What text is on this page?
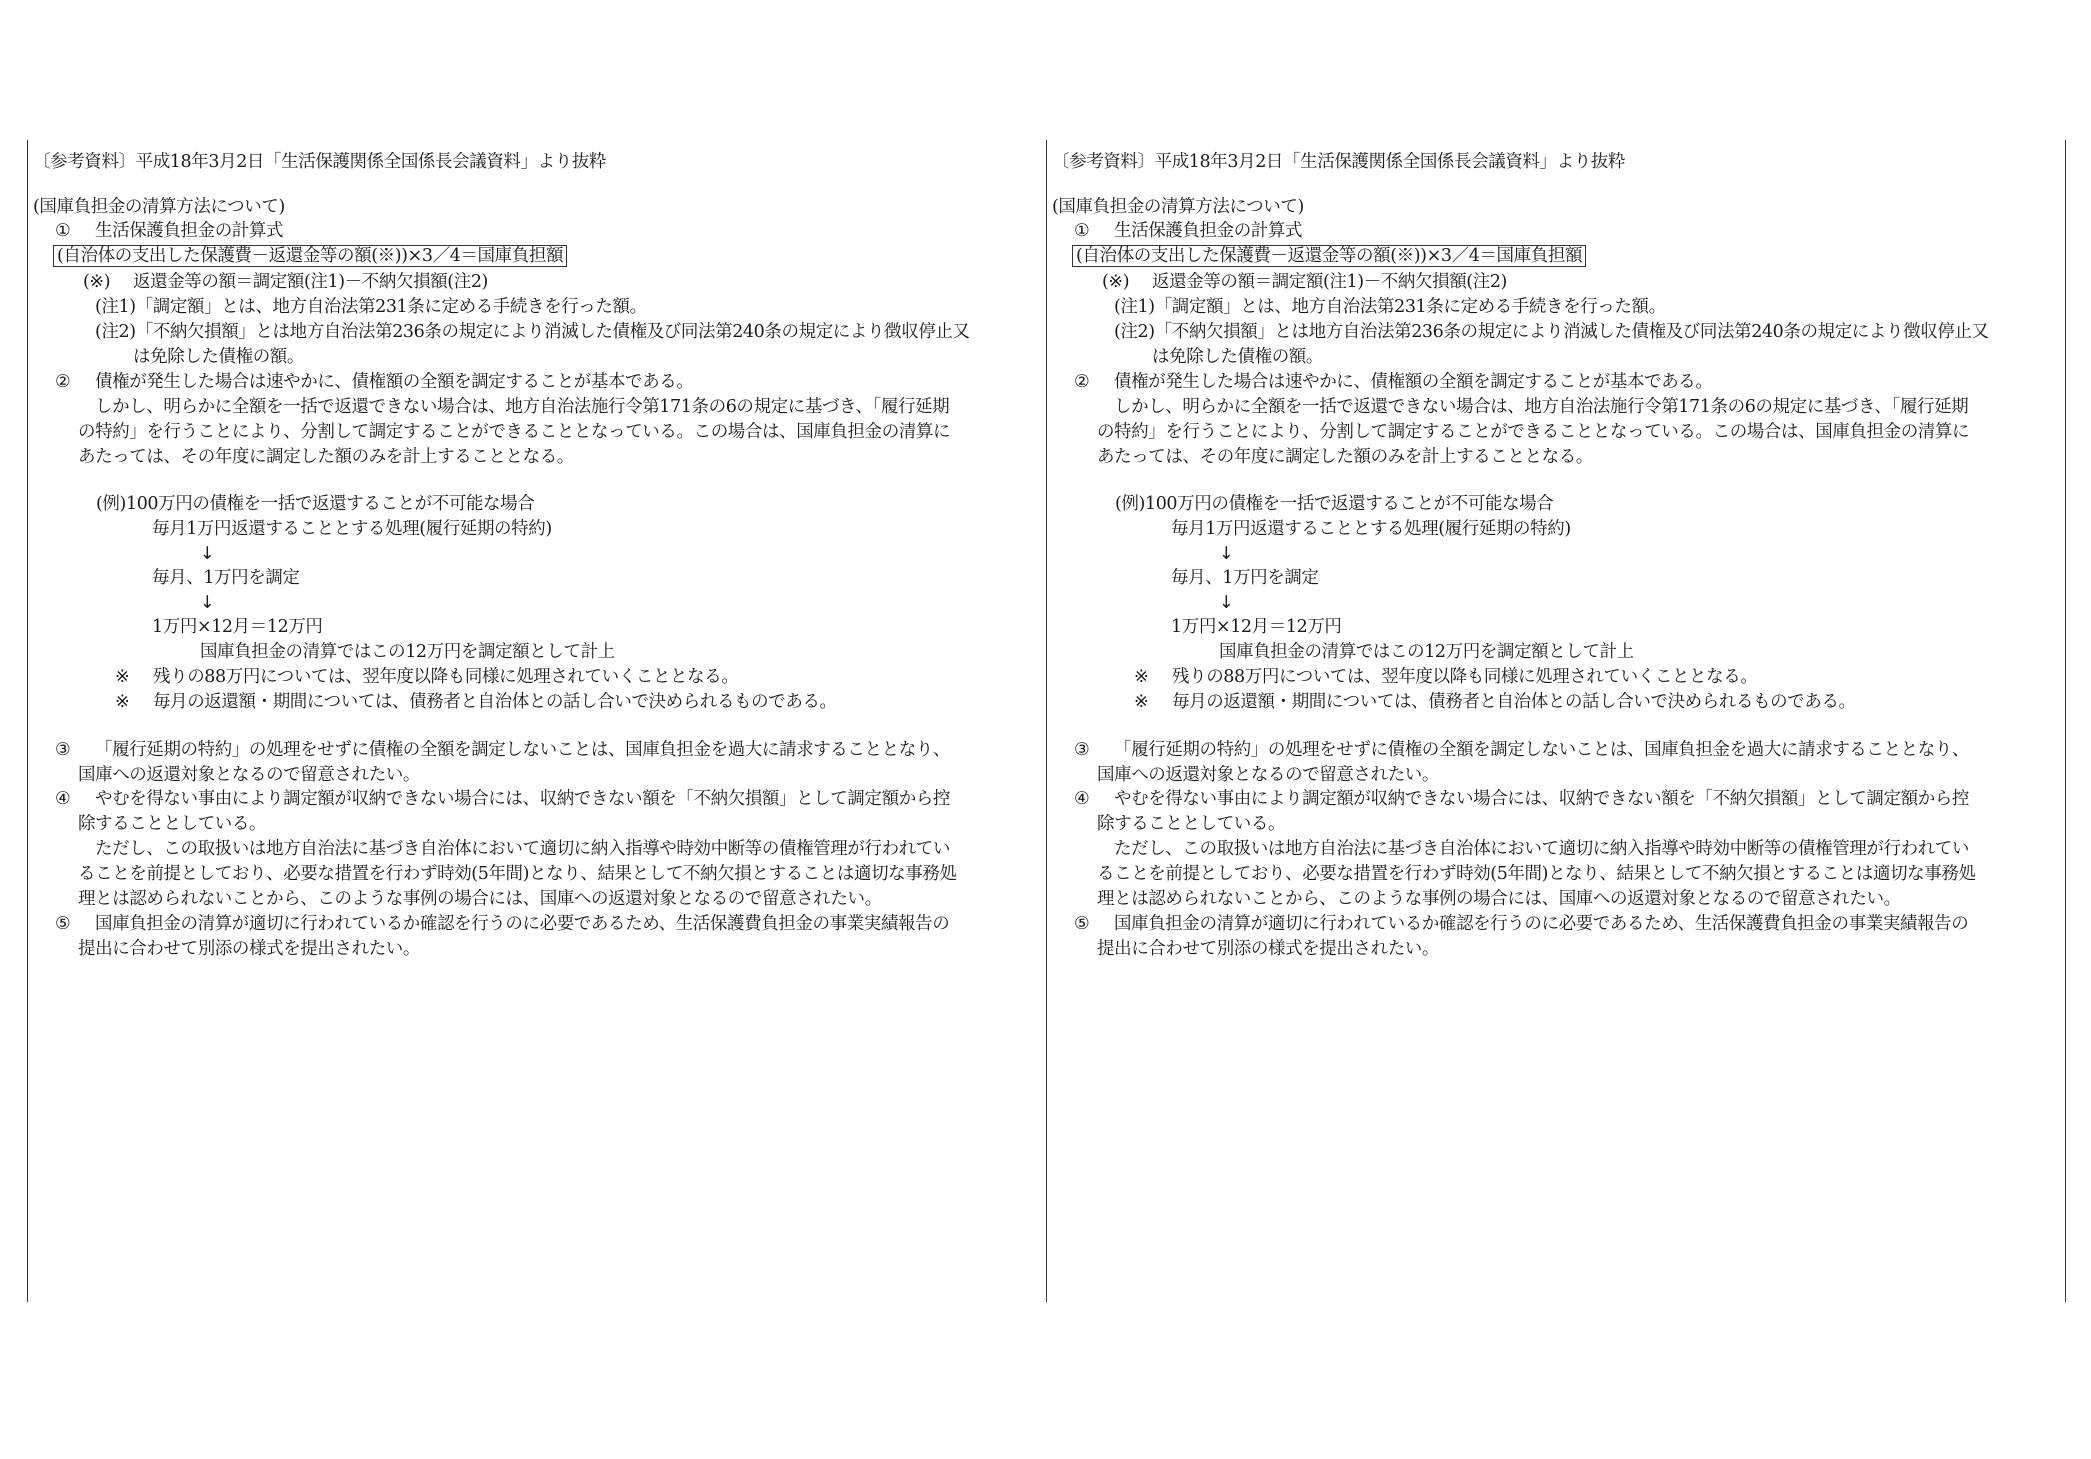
〔参考資料〕平成18年3月2日「生活保護関係全国係長会議資料」より抜粋
(国庫負担金の清算方法について)
① 生活保護負担金の計算式
(自治体の支出した保護費－返還金等の額(※))×3／4＝国庫負担額
(※) 返還金等の額＝調定額(注1)－不納欠損額(注2)
(注1)「調定額」とは、地方自治法第231条に定める手続きを行った額。
(注2)「不納欠損額」とは地方自治法第236条の規定により消滅した債権及び同法第240条の規定により徴収停止又
は免除した債権の額。
② 債権が発生した場合は速やかに、債権額の全額を調定することが基本である。
しかし、明らかに全額を一括で返還できない場合は、地方自治法施行令第171条の6の規定に基づき、「履行延期
の特約」を行うことにより、分割して調定することができることとなっている。この場合は、国庫負担金の清算に
あたっては、その年度に調定した額のみを計上することとなる。
(例)100万円の債権を一括で返還することが不可能な場合
毎月1万円返還することとする処理(履行延期の特約)
↓
毎月、1万円を調定
↓
1万円×12月＝12万円
国庫負担金の清算ではこの12万円を調定額として計上
※ 残りの88万円については、翌年度以降も同様に処理されていくこととなる。
※ 毎月の返還額・期間については、債務者と自治体との話し合いで決められるものである。
③ 「履行延期の特約」の処理をせずに債権の全額を調定しないことは、国庫負担金を過大に請求することとなり、
国庫への返還対象となるので留意されたい。
④ やむを得ない事由により調定額が収納できない場合には、収納できない額を「不納欠損額」として調定額から控
除することとしている。
ただし、この取扱いは地方自治法に基づき自治体において適切に納入指導や時効中断等の債権管理が行われてい
ることを前提としており、必要な措置を行わず時効(5年間)となり、結果として不納欠損とすることは適切な事務処
理とは認められないことから、このような事例の場合には、国庫への返還対象となるので留意されたい。
⑤ 国庫負担金の清算が適切に行われているか確認を行うのに必要であるため、生活保護費負担金の事業実績報告の
提出に合わせて別添の様式を提出されたい。
〔参考資料〕平成18年3月2日「生活保護関係全国係長会議資料」より抜粋
(国庫負担金の清算方法について)
① 生活保護負担金の計算式
(自治体の支出した保護費－返還金等の額(※))×3／4＝国庫負担額
(※) 返還金等の額＝調定額(注1)－不納欠損額(注2)
(注1)「調定額」とは、地方自治法第231条に定める手続きを行った額。
(注2)「不納欠損額」とは地方自治法第236条の規定により消滅した債権及び同法第240条の規定により徴収停止又
は免除した債権の額。
② 債権が発生した場合は速やかに、債権額の全額を調定することが基本である。
しかし、明らかに全額を一括で返還できない場合は、地方自治法施行令第171条の6の規定に基づき、「履行延期
の特約」を行うことにより、分割して調定することができることとなっている。この場合は、国庫負担金の清算に
あたっては、その年度に調定した額のみを計上することとなる。
(例)100万円の債権を一括で返還することが不可能な場合
毎月1万円返還することとする処理(履行延期の特約)
↓
毎月、1万円を調定
↓
1万円×12月＝12万円
国庫負担金の清算ではこの12万円を調定額として計上
※ 残りの88万円については、翌年度以降も同様に処理されていくこととなる。
※ 毎月の返還額・期間については、債務者と自治体との話し合いで決められるものである。
③ 「履行延期の特約」の処理をせずに債権の全額を調定しないことは、国庫負担金を過大に請求することとなり、
国庫への返還対象となるので留意されたい。
④ やむを得ない事由により調定額が収納できない場合には、収納できない額を「不納欠損額」として調定額から控
除することとしている。
ただし、この取扱いは地方自治法に基づき自治体において適切に納入指導や時効中断等の債権管理が行われてい
ることを前提としており、必要な措置を行わず時効(5年間)となり、結果として不納欠損とすることは適切な事務処
理とは認められないことから、このような事例の場合には、国庫への返還対象となるので留意されたい。
⑤ 国庫負担金の清算が適切に行われているか確認を行うのに必要であるため、生活保護費負担金の事業実績報告の
提出に合わせて別添の様式を提出されたい。
